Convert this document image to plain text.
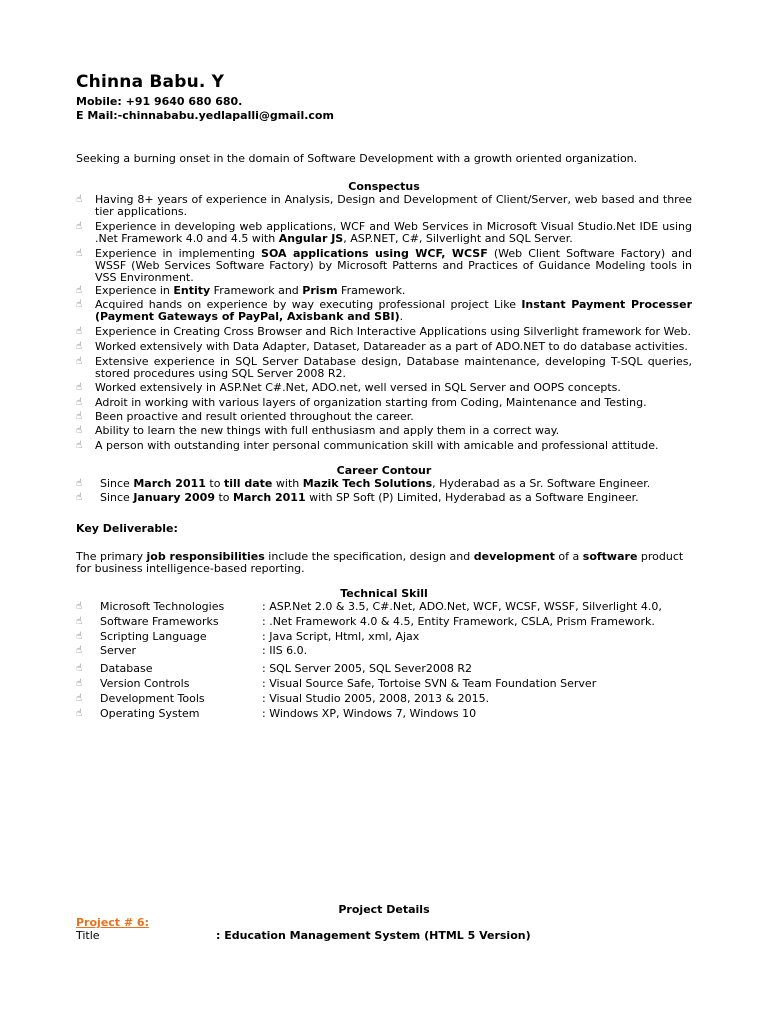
Chinna Babu. Y
Mobile: +91 9640 680 680.
E Mail:-chinnababu.yedlapalli@gmail.com
Seeking a burning onset in the domain of Software Development with a growth oriented organization.
Conspectus
☝ Having 8+ years of experience in Analysis, Design and Development of Client/Server, web based and three tier applications.
☝ Experience in developing web applications, WCF and Web Services in Microsoft Visual Studio.Net IDE using .Net Framework 4.0 and 4.5 with Angular JS, ASP.NET, C#, Silverlight and SQL Server.
☝ Experience in implementing SOA applications using WCF, WCSF (Web Client Software Factory) and WSSF (Web Services Software Factory) by Microsoft Patterns and Practices of Guidance Modeling tools in VSS Environment.
☝ Experience in Entity Framework and Prism Framework.
☝ Acquired hands on experience by way executing professional project Like Instant Payment Processer (Payment Gateways of PayPal, Axisbank and SBI).
☝ Experience in Creating Cross Browser and Rich Interactive Applications using Silverlight framework for Web.
☝ Worked extensively with Data Adapter, Dataset, Datareader as a part of ADO.NET to do database activities.
☝ Extensive experience in SQL Server Database design, Database maintenance, developing T-SQL queries, stored procedures using SQL Server 2008 R2.
☝ Worked extensively in ASP.Net C#.Net, ADO.net, well versed in SQL Server and OOPS concepts.
☝ Adroit in working with various layers of organization starting from Coding, Maintenance and Testing.
☝ Been proactive and result oriented throughout the career.
☝ Ability to learn the new things with full enthusiasm and apply them in a correct way.
☝ A person with outstanding inter personal communication skill with amicable and professional attitude.
Career Contour
☝ Since March 2011 to till date with Mazik Tech Solutions, Hyderabad as a Sr. Software Engineer.
☝ Since January 2009 to March 2011 with SP Soft (P) Limited, Hyderabad as a Software Engineer.
Key Deliverable:
The primary job responsibilities include the specification, design and development of a software product for business intelligence-based reporting.
Technical Skill
☝ Microsoft Technologies	: ASP.Net 2.0 & 3.5, C#.Net, ADO.Net, WCF, WCSF, WSSF, Silverlight 4.0,
☝ Software Frameworks	: .Net Framework 4.0 & 4.5, Entity Framework, CSLA, Prism Framework.
☝ Scripting Language	: Java Script, Html, xml, Ajax
☝ Server	: IIS 6.0.
☝ Database	: SQL Server 2005, SQL Sever2008 R2
☝ Version Controls	: Visual Source Safe, Tortoise SVN & Team Foundation Server
☝ Development Tools	: Visual Studio 2005, 2008, 2013 & 2015.
☝ Operating System	: Windows XP, Windows 7, Windows 10
Project Details
Project # 6:
Title	: Education Management System (HTML 5 Version)
